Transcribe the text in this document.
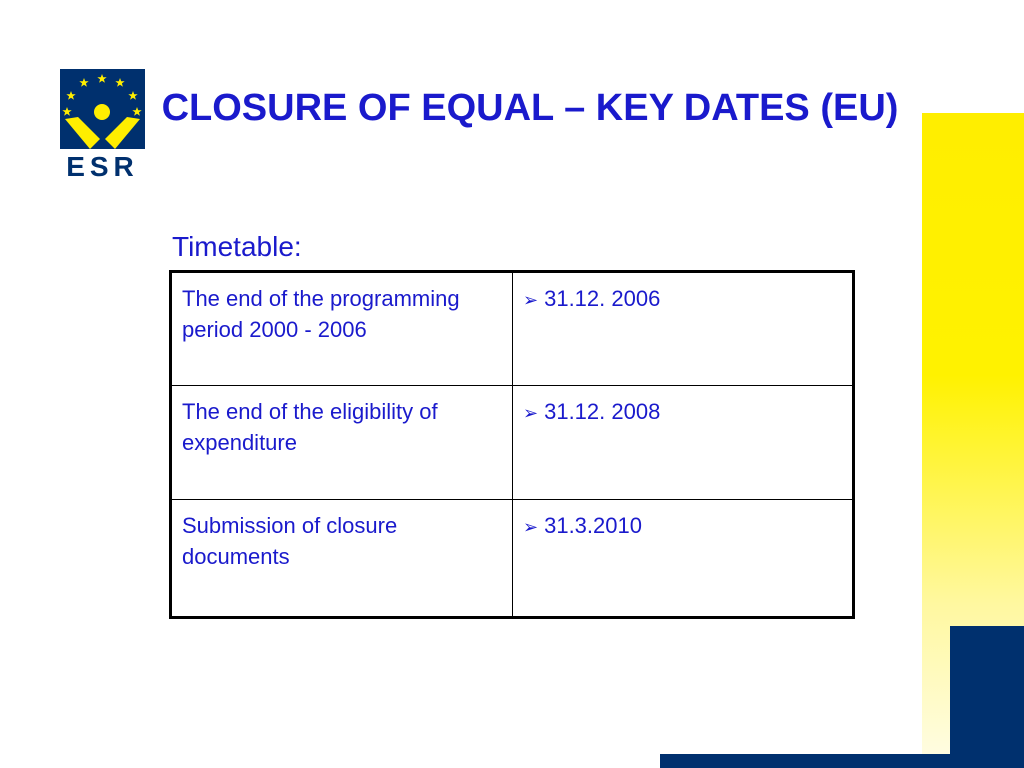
ESR
CLOSURE OF EQUAL – KEY DATES (EU)
Timetable:
The end of the programming period 2000 - 2006	➢ 31.12. 2006
The end of the eligibility of expenditure	➢ 31.12. 2008
Submission of closure documents	➢ 31.3.2010
